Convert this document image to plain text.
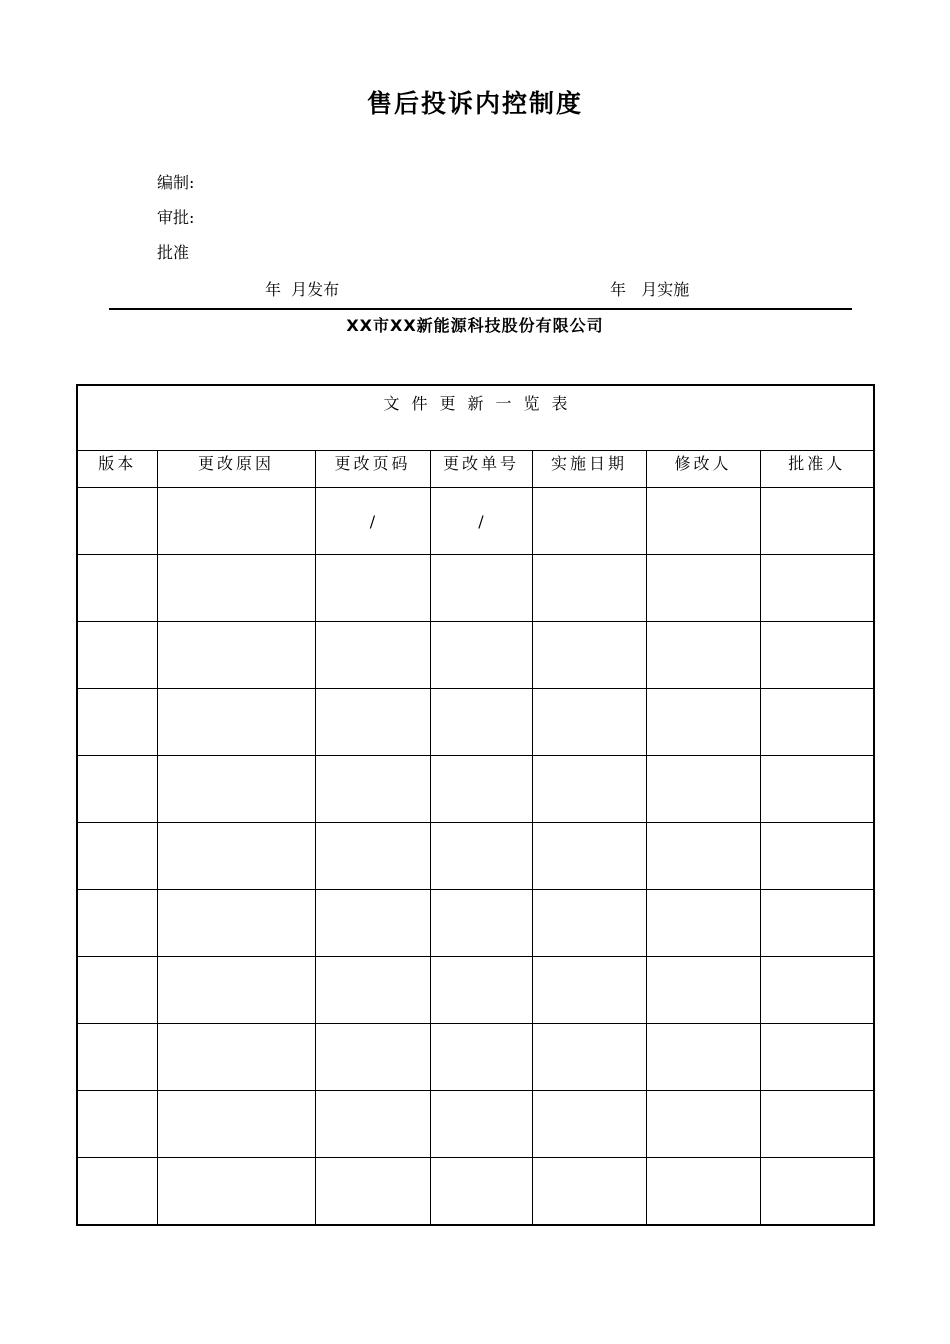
售后投诉内控制度
编制:
审批:
批准
年  月发布	年   月实施
XX市XX新能源科技股份有限公司
文件更新一览表						

版本	更改原因	更改页码	更改单号	实施日期	修改人	批准人
		/	/			
